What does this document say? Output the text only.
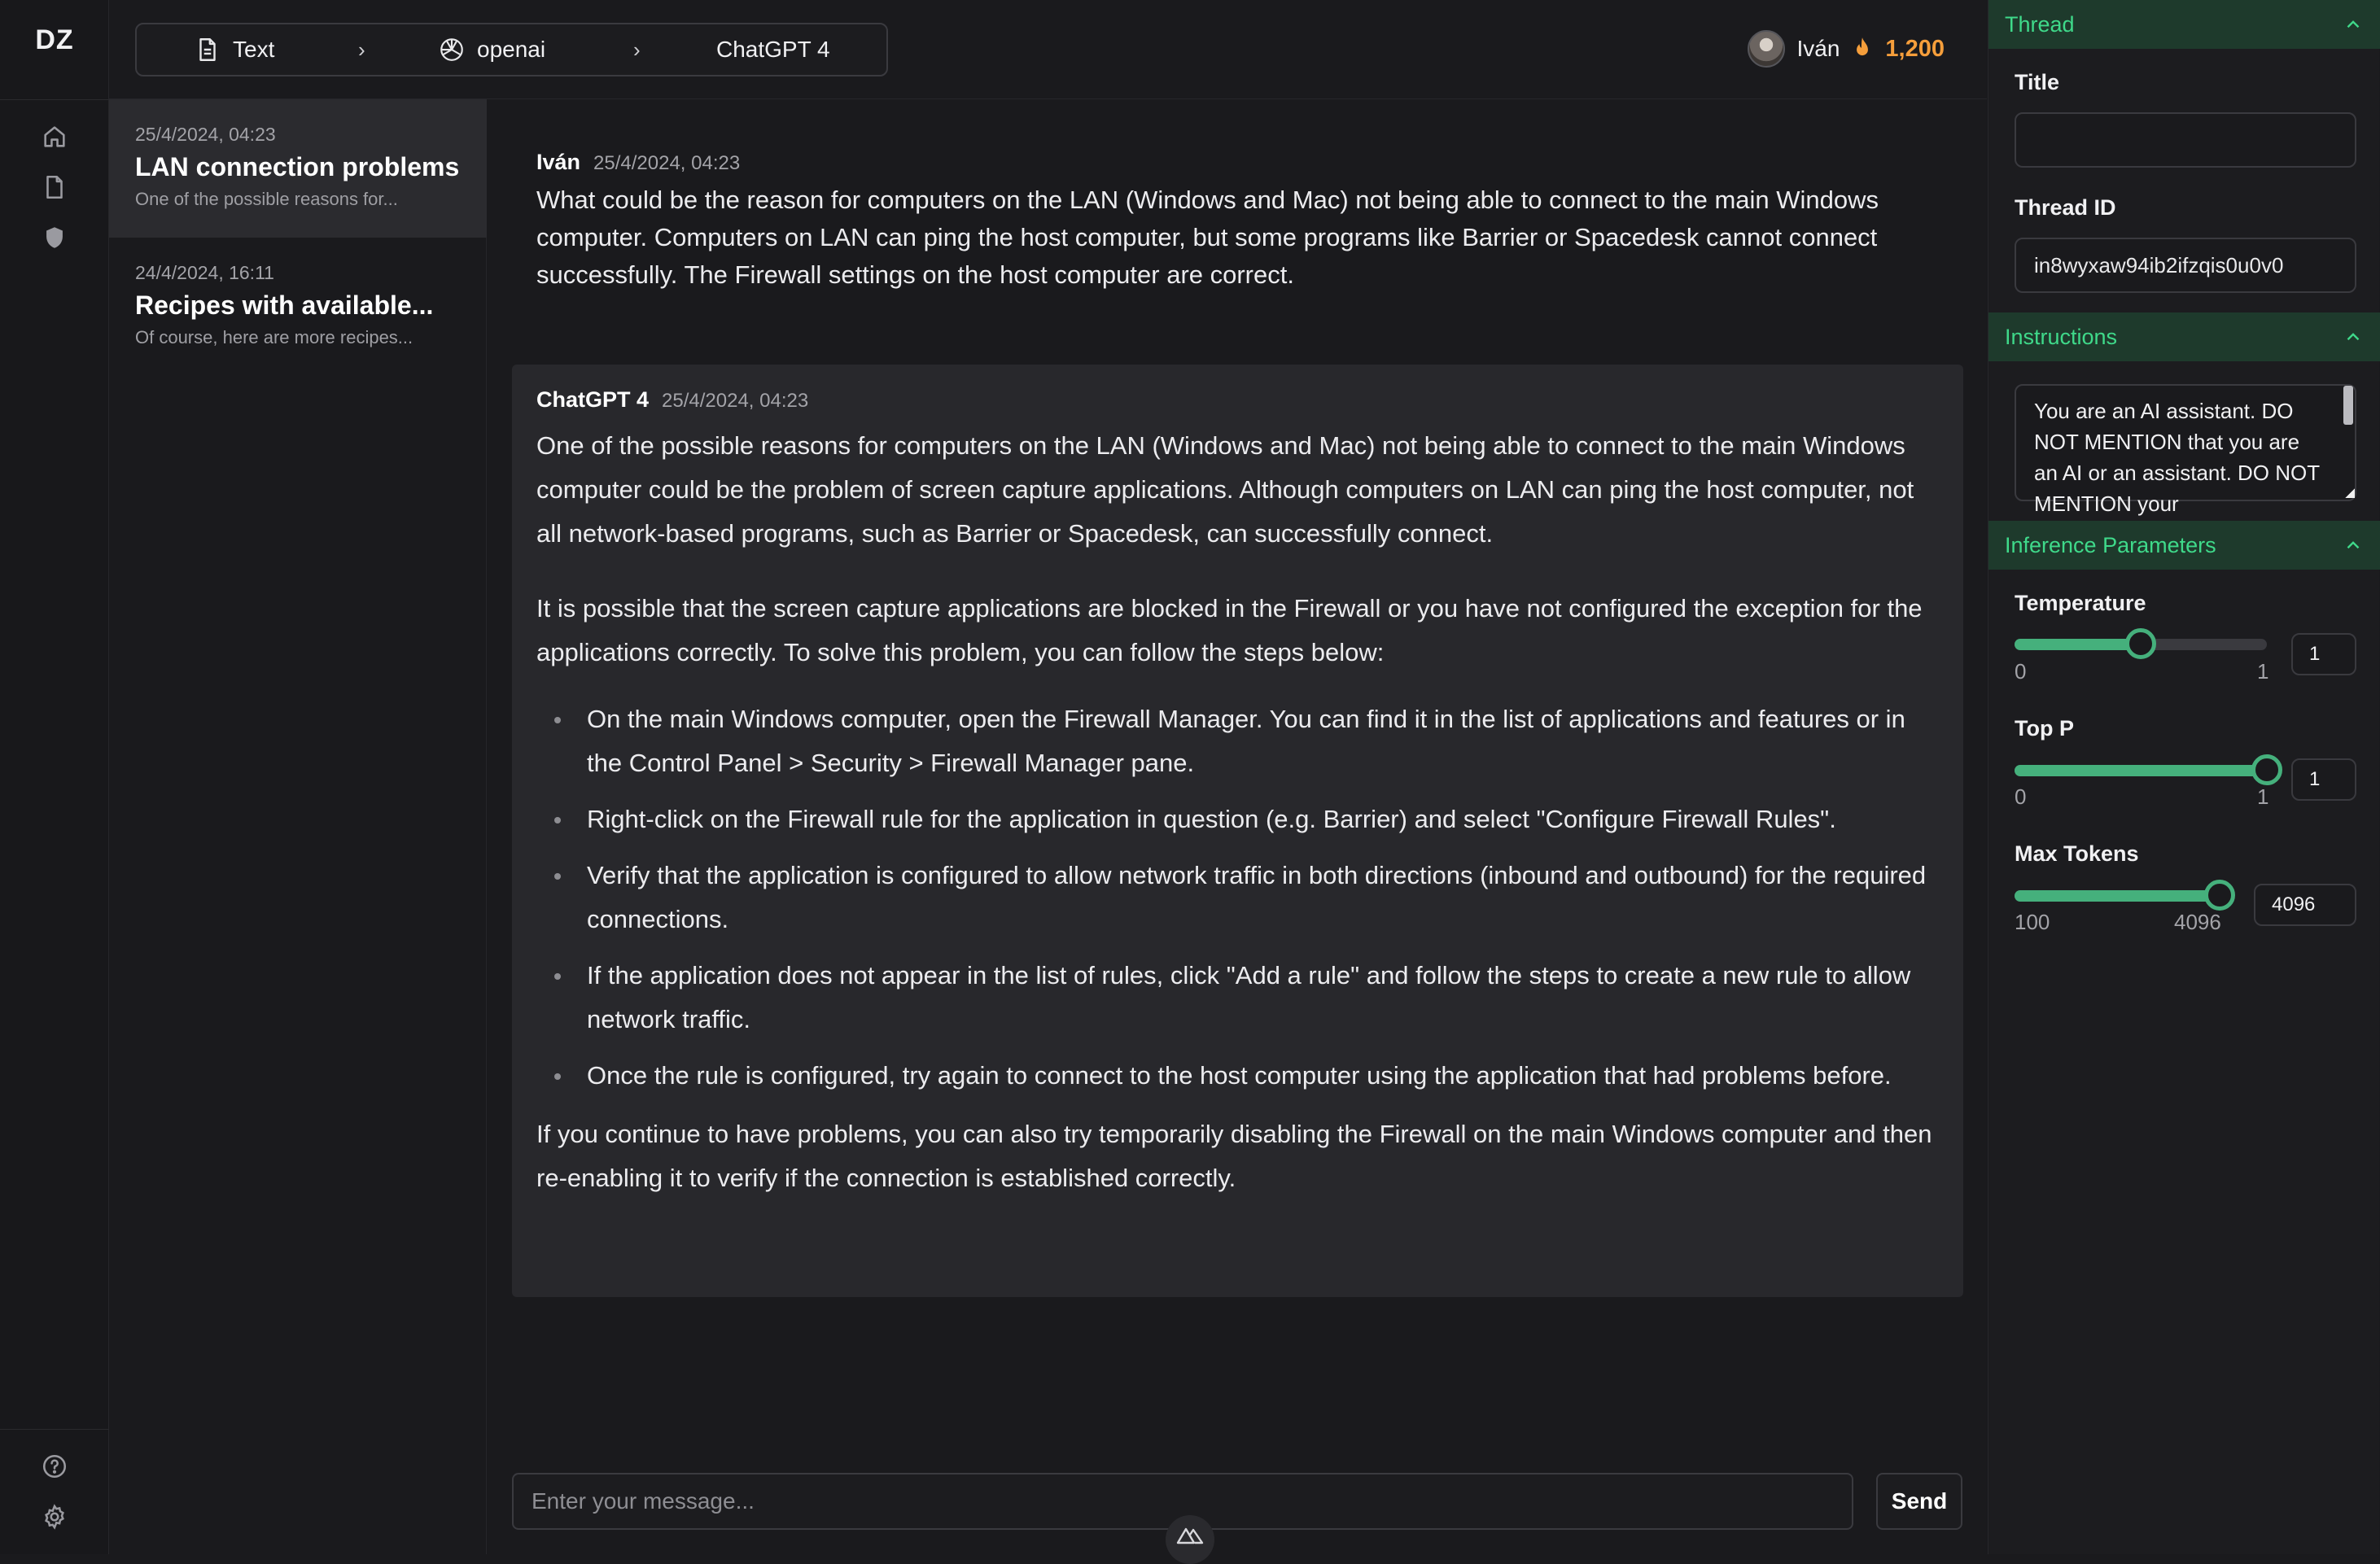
DZ	Text	›	openai	›	ChatGPT 4	Iván 1,200
25/4/2024, 04:23
LAN connection problems
One of the possible reasons for...
24/4/2024, 16:11
Recipes with available...
Of course, here are more recipes...
Iván 25/4/2024, 04:23
What could be the reason for computers on the LAN (Windows and Mac) not being able to connect to the main Windows computer. Computers on LAN can ping the host computer, but some programs like Barrier or Spacedesk cannot connect successfully. The Firewall settings on the host computer are correct.
ChatGPT 4 25/4/2024, 04:23
One of the possible reasons for computers on the LAN (Windows and Mac) not being able to connect to the main Windows computer could be the problem of screen capture applications. Although computers on LAN can ping the host computer, not all network-based programs, such as Barrier or Spacedesk, can successfully connect.
It is possible that the screen capture applications are blocked in the Firewall or you have not configured the exception for the applications correctly. To solve this problem, you can follow the steps below:
On the main Windows computer, open the Firewall Manager. You can find it in the list of applications and features or in the Control Panel > Security > Firewall Manager pane.
Right-click on the Firewall rule for the application in question (e.g. Barrier) and select "Configure Firewall Rules".
Verify that the application is configured to allow network traffic in both directions (inbound and outbound) for the required connections.
If the application does not appear in the list of rules, click "Add a rule" and follow the steps to create a new rule to allow network traffic.
Once the rule is configured, try again to connect to the host computer using the application that had problems before.
If you continue to have problems, you can also try temporarily disabling the Firewall on the main Windows computer and then re-enabling it to verify if the connection is established correctly.
Enter your message...
Send
Thread
Title
Thread ID
in8wyxaw94ib2ifzqis0u0v0
Instructions
You are an AI assistant. DO NOT MENTION that you are an AI or an assistant. DO NOT MENTION your
Inference Parameters
Temperature
0	1
1
Top P
0	1
1
Max Tokens
100	4096
4096
